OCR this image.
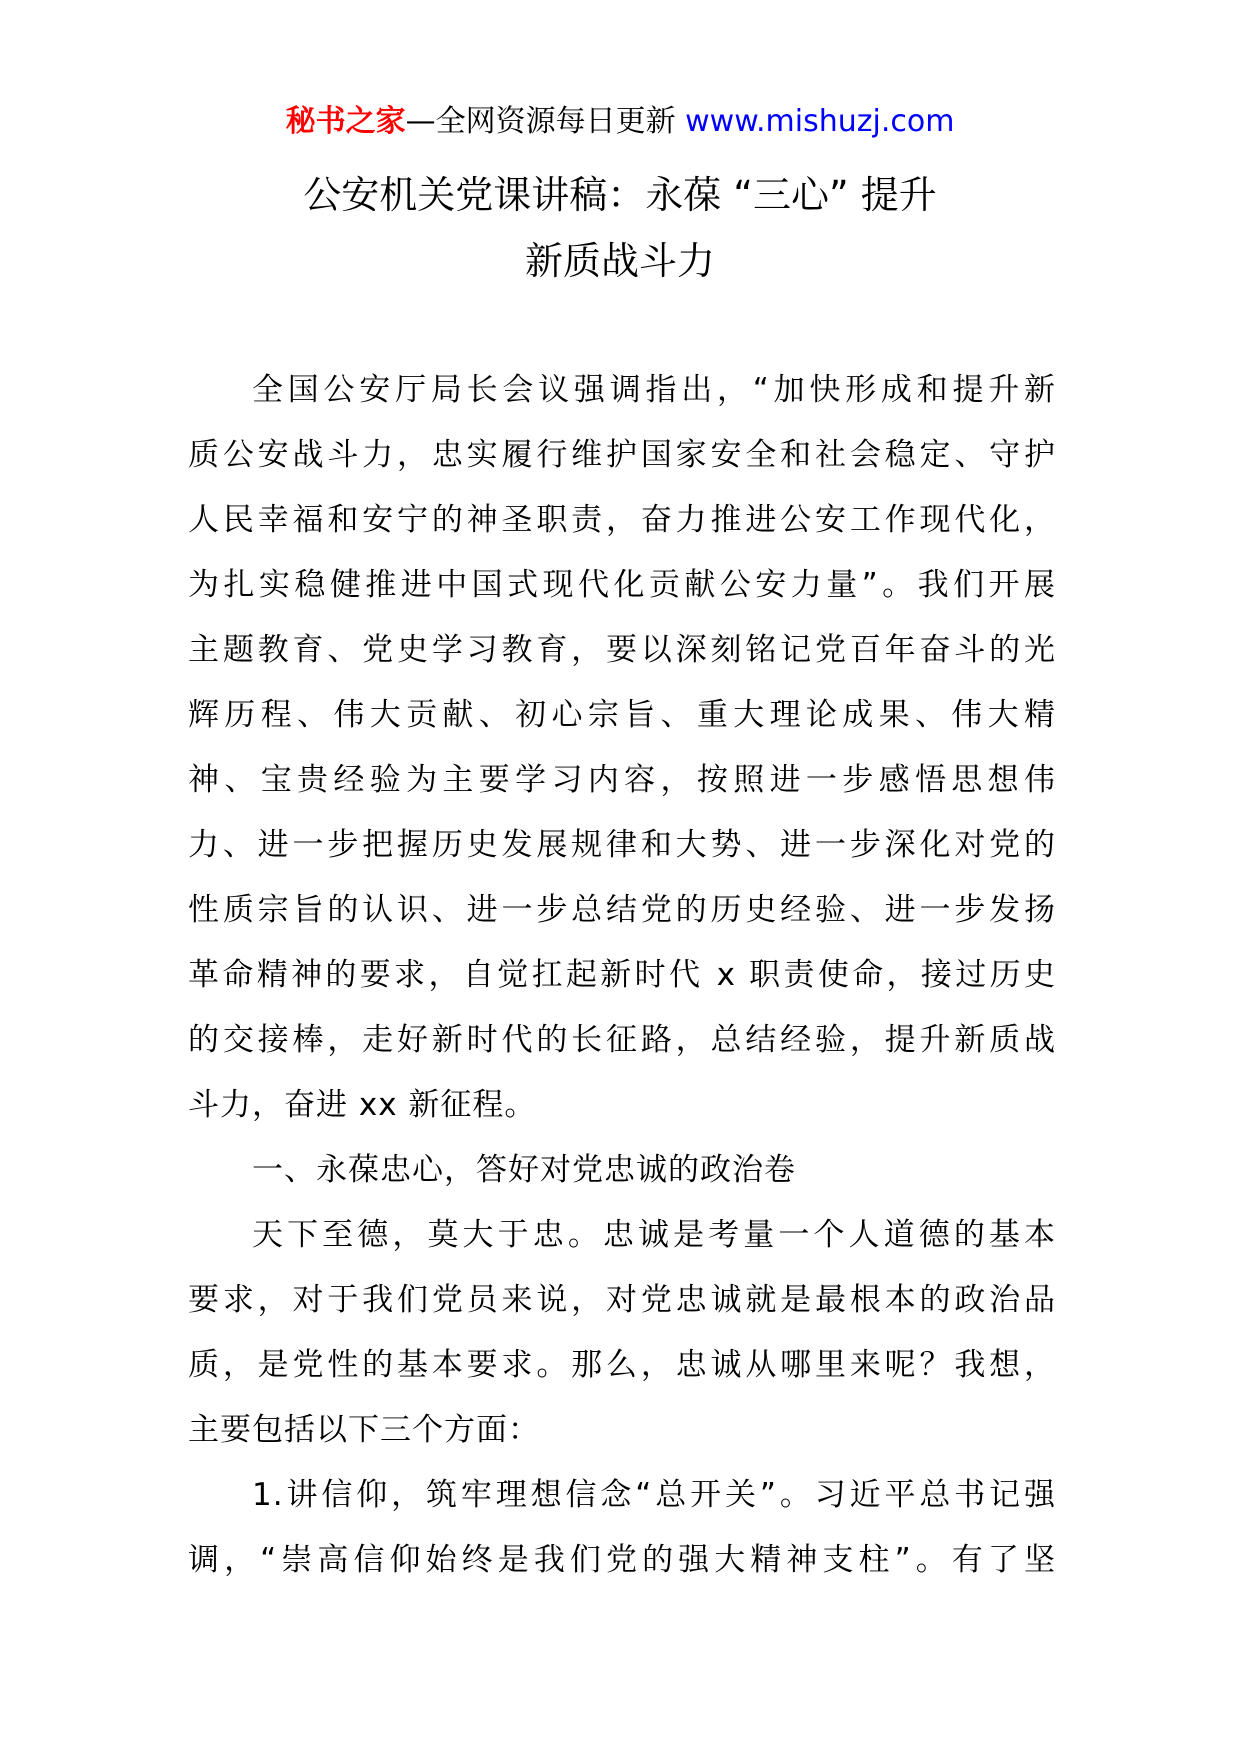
秘书之家—全网资源每日更新 www.mishuzj.com
公安机关党课讲稿：永葆 “三心” 提升
新质战斗力
全国公安厅局长会议强调指出，“加快形成和提升新
质公安战斗力，忠实履行维护国家安全和社会稳定、守护
人民幸福和安宁的神圣职责，奋力推进公安工作现代化，
为扎实稳健推进中国式现代化贡献公安力量”。我们开展
主题教育、党史学习教育，要以深刻铭记党百年奋斗的光
辉历程、伟大贡献、初心宗旨、重大理论成果、伟大精
神、宝贵经验为主要学习内容，按照进一步感悟思想伟
力、进一步把握历史发展规律和大势、进一步深化对党的
性质宗旨的认识、进一步总结党的历史经验、进一步发扬
革命精神的要求，自觉扛起新时代 x 职责使命，接过历史
的交接棒，走好新时代的长征路，总结经验，提升新质战
斗力，奋进 xx 新征程。
一、永葆忠心，答好对党忠诚的政治卷
天下至德，莫大于忠。忠诚是考量一个人道德的基本
要求，对于我们党员来说，对党忠诚就是最根本的政治品
质，是党性的基本要求。那么，忠诚从哪里来呢？我想，
主要包括以下三个方面：
1.讲信仰，筑牢理想信念“总开关”。习近平总书记强
调，“崇高信仰始终是我们党的强大精神支柱”。有了坚
